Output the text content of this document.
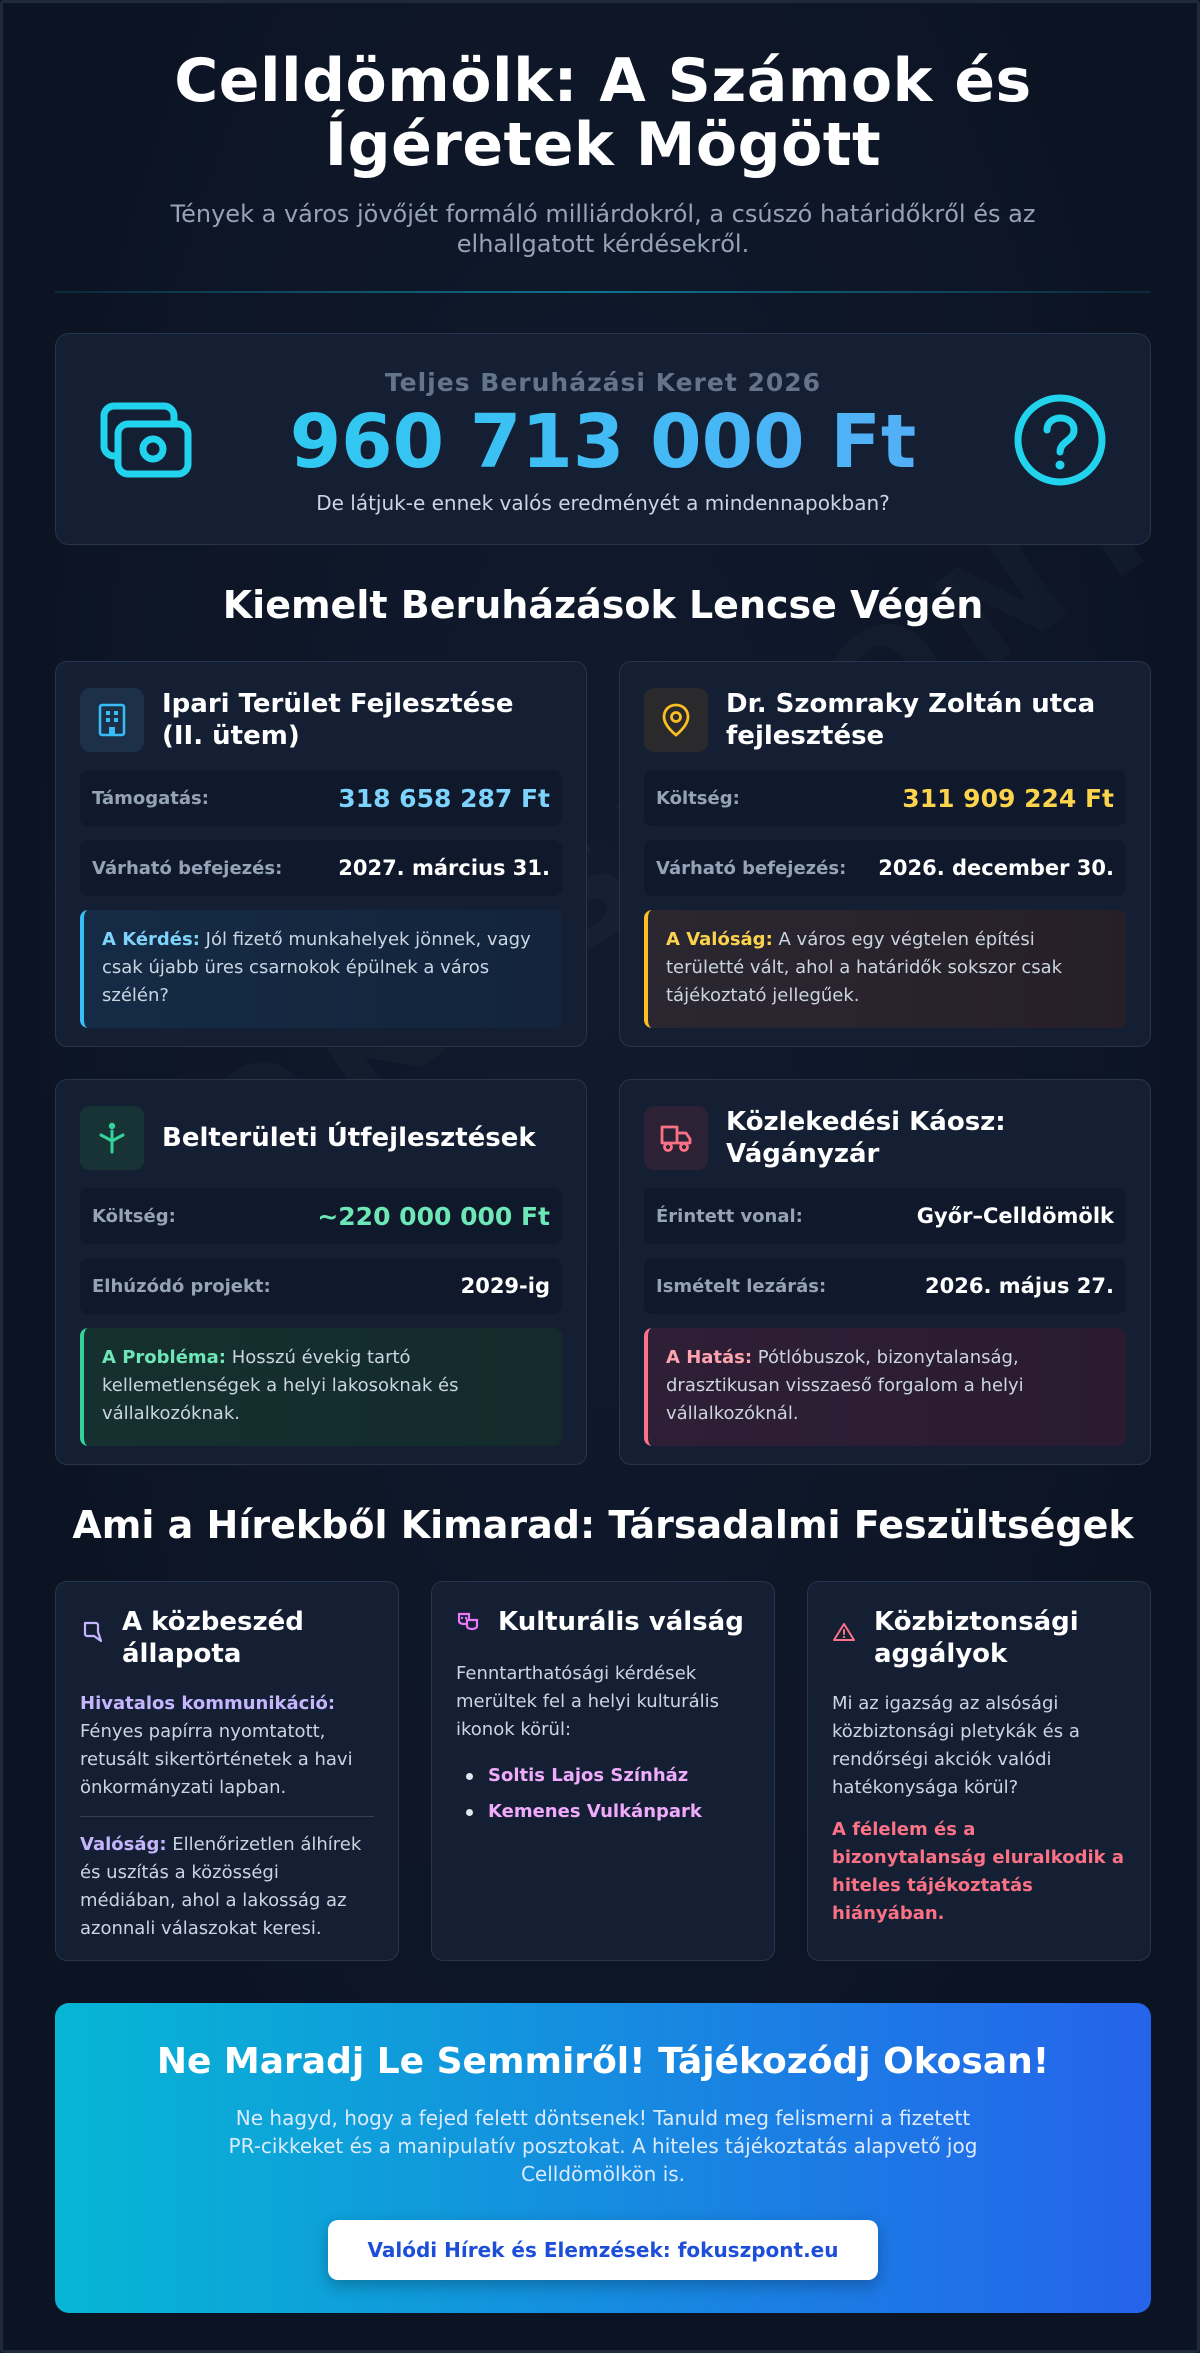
Celldömölk: A Számok és Ígéretek Mögött

Tények a város jövőjét formáló milliárdokról, a csúszó határidőkről és az elhallgatott kérdésekről.

Teljes Beruházási Keret 2026
960 713 000 Ft
De látjuk-e ennek valós eredményét a mindennapokban?
Kiemelt Beruházások Lencse Végén
Ipari Terület Fejlesztése (II. ütem)
Támogatás:	318 658 287 Ft
Várható befejezés:	2027. március 31.
A Kérdés: Jól fizető munkahelyek jönnek, vagy csak újabb üres csarnokok épülnek a város szélén?
Dr. Szomraky Zoltán utca fejlesztése
Költség:	311 909 224 Ft
Várható befejezés: 2026. december 30.
A Valóság: A város egy végtelen építési területté vált, ahol a határidők sokszor csak tájékoztató jellegűek.
Belterületi Útfejlesztések
Költség:	~220 000 000 Ft
Elhúzódó projekt:	2029-ig
A Probléma: Hosszú évekig tartó kellemetlenségek a helyi lakosoknak és vállalkozóknak.
Közlekedési Káosz: Vágányzár
Érintett vonal:	Győr–Celldömölk
Ismételt lezárás:	2026. május 27.
A Hatás: Pótlóbuszok, bizonytalanság, drasztikusan visszaeső forgalom a helyi vállalkozóknál.
Ami a Hírekből Kimarad: Társadalmi Feszültségek
A közbeszéd állapota

Hivatalos kommunikáció: Fényes papírra nyomtatott, retusált sikertörténetek a havi önkormányzati lapban.

Valóság: Ellenőrizetlen álhírek és uszítás a közösségi médiában, ahol a lakosság az azonnali válaszokat keresi.

Kulturális válság

Fenntarthatósági kérdések merültek fel a helyi kulturális ikonok körül:

Soltis Lajos Színház
Kemenes Vulkánpark
Közbiztonsági aggályok

Mi az igazság az alsósági közbiztonsági pletykák és a rendőrségi akciók valódi hatékonysága körül?

A félelem és a bizonytalanság eluralkodik a hiteles tájékoztatás hiányában.

Ne Maradj Le Semmiről! Tájékozódj Okosan!

Ne hagyd, hogy a fejed felett döntsenek! Tanuld meg felismerni a fizetett PR-cikkeket és a manipulatív posztokat. A hiteles tájékoztatás alapvető jog Celldömölkön is.

Valódi Hírek és Elemzések: fokuszpont.eu
